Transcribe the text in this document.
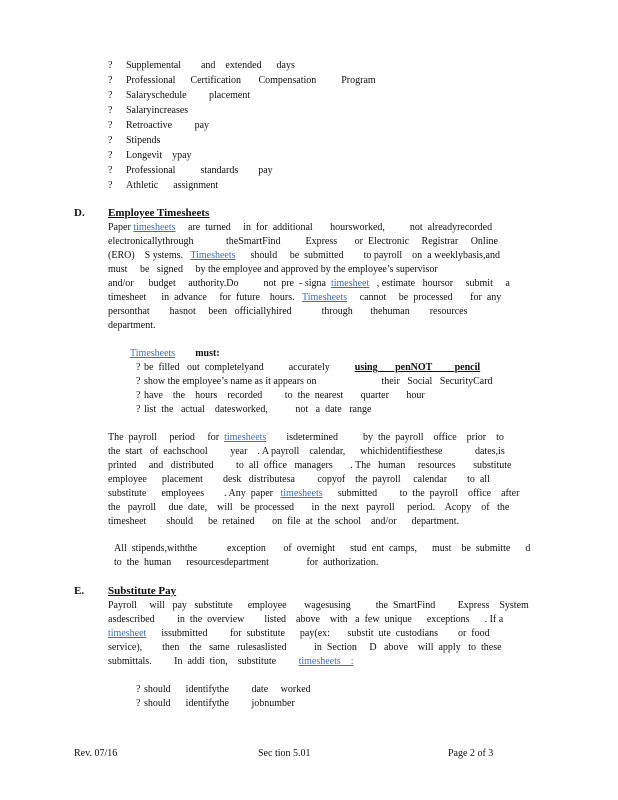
? Supplemental        and    extended      days
? Professional      Certification       Compensation          Program
? Salaryschedule         placement
? Salaryincreases
? Retroactive         pay
? Stipends
? Longevit    ypay
? Professional          standards        pay
? Athletic      assignment
D. Employee Timesheets
Paper timesheets     are  turned     in  for  additional       hoursworked,          not  alreadyrecorded
electronicallythrough             theSmartFind          Express       or  Electronic     Registrar     Online
(ERO)    S ystems.   Timesheets      should     be  submitted        to payroll    on  a weeklybasis,and
must     be   signed     by the employee and approved by the employee’s supervisor
and/or      budget     authority.Do          not  pre  - signa  timesheet   , estimate   hoursor     submit     a
timesheet      in  advance     for  future    hours.   Timesheets     cannot     be  processed       for  any
personthat        hasnot     been   officiallyhired            through       thehuman        resources
department.
Timesheets        must:
? be  filled   out  completelyand          accurately          using       penNOT         pencil
? show the employee’s name as it appears on                          their   Social   SecurityCard
? have    the    hours    recorded         to  the  nearest       quarter       hour
? list  the   actual    datesworked,           not   a  date   range
The  payroll     period     for  timesheets        isdetermined          by  the  payroll    office    prior    to
the  start   of  eachschool         year    . A payroll    calendar,      whichidentifiesthese             dates,is
printed     and   distributed         to  all  office   managers       . The   human     resources       substitute
employee      placement        desk   distributesa         copyof    the  payroll     calendar        to  all
substitute      employees        . Any  paper   timesheets      submitted         to  the  payroll    office    after
the   payroll     due  date,    will   be  processed       in  the  next   payroll     period.    Acopy    of   the
timesheet        should      be  retained       on  file  at  the  school    and/or      department.
All  stipends,withthe            exception       of  overnight      stud  ent  camps,      must    be  submitte      d
to  the  human      resourcesdepartment               for  authorization.
E. Substitute Pay
Payroll     will   pay   substitute      employee       wagesusing          the  SmartFind         Express    System
asdescribed         in  the  overview        listed    above    with   a  few  unique      exceptions      . If a
timesheet      issubmitted         for  substitute      pay(ex:       substit  ute  custodians        or  food
service),        then    the   same   rulesaslisted           in  Section     D   above    will  apply   to  these
submittals.         In  addi  tion,    substitute         timesheets    :
? should      identifythe         date     worked
? should      identifythe         jobnumber
Rev. 07/16	Sec tion 5.01	Page 2 of 3
